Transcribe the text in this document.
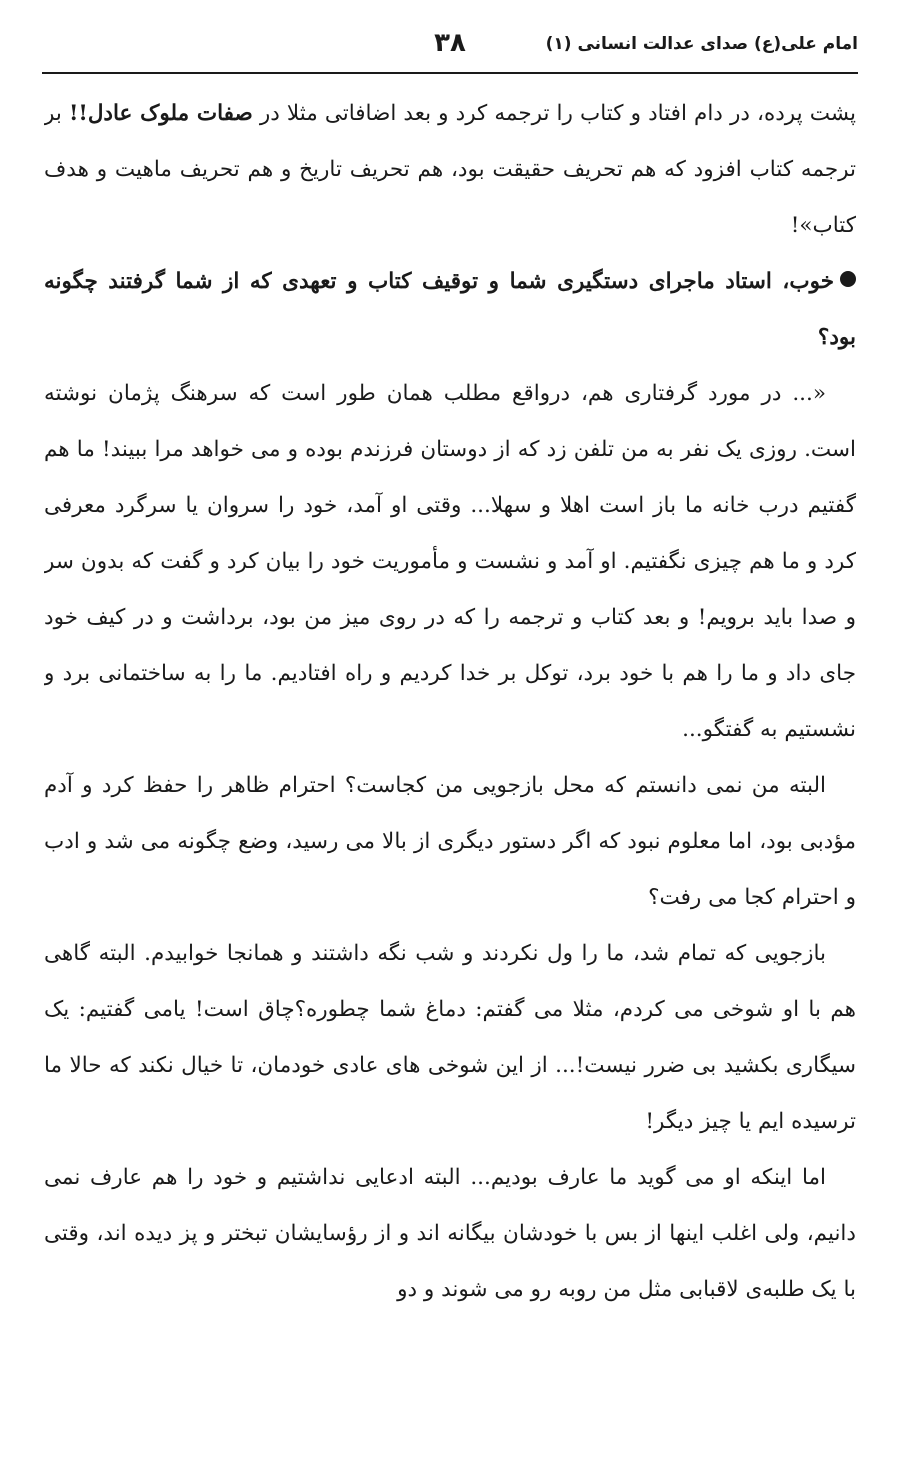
امام علی(ع) صدای عدالت انسانی (۱)
۳۸

پشت پرده، در دام افتاد و کتاب را ترجمه کرد و بعد اضافاتی مثلا در صفات ملوک عادل!! بر ترجمه کتاب افزود که هم تحریف حقیقت بود، هم تحریف تاریخ و هم تحریف ماهیت و هدف کتاب»!

خوب، استاد ماجرای دستگیری شما و توقیف کتاب و تعهدی که از شما گرفتند چگونه بود؟

«... در مورد گرفتاری هم، درواقع مطلب همان طور است که سرهنگ پژمان نوشته است. روزی یک نفر به من تلفن زد که از دوستان فرزندم بوده و می خواهد مرا ببیند! ما هم گفتیم درب خانه ما باز است اهلا و سهلا... وقتی او آمد، خود را سروان یا سرگرد معرفی کرد و ما هم چیزی نگفتیم. او آمد و نشست و مأموریت خود را بیان کرد و گفت که بدون سر و صدا باید برویم! و بعد کتاب و ترجمه را که در روی میز من بود، برداشت و در کیف خود جای داد و ما را هم با خود برد، توکل بر خدا کردیم و راه افتادیم. ما را به ساختمانی برد و نشستیم به گفتگو...

البته من نمی دانستم که محل بازجویی من کجاست؟ احترام ظاهر را حفظ کرد و آدم مؤدبی بود، اما معلوم نبود که اگر دستور دیگری از بالا می رسید، وضع چگونه می شد و ادب و احترام کجا می رفت؟

بازجویی که تمام شد، ما را ول نکردند و شب نگه داشتند و همانجا خوابیدم. البته گاهی هم با او شوخی می کردم، مثلا می گفتم: دماغ شما چطوره؟چاق است! یامی گفتیم: یک سیگاری بکشید بی ضرر نیست!... از این شوخی های عادی خودمان، تا خیال نکند که حالا ما ترسیده ایم یا چیز دیگر!

اما اینکه او می گوید ما عارف بودیم... البته ادعایی نداشتیم و خود را هم عارف نمی دانیم، ولی اغلب اینها از بس با خودشان بیگانه اند و از رؤسایشان تبختر و پز دیده اند، وقتی با یک طلبه‌ی لاقبابی مثل من روبه رو می شوند و دو
